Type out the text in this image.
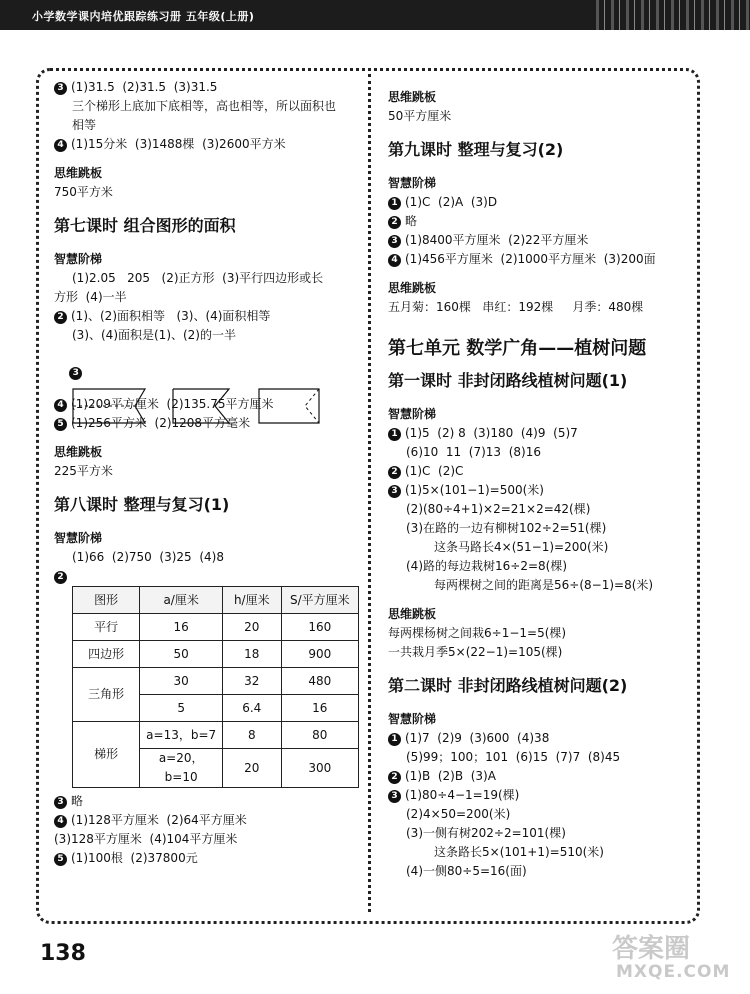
小学数学课内培优跟踪练习册 五年级(上册)
3 (1)31.5  (2)31.5  (3)31.5
三个梯形上底加下底相等，高也相等，所以面积也
相等
4 (1)15分米  (3)1488棵  (3)2600平方米
思维跳板
750平方米
第七课时 组合图形的面积
智慧阶梯
(1)2.05   205   (2)正方形  (3)平行四边形或长
方形  (4)一半
2 (1)、(2)面积相等   (3)、(4)面积相等
(3)、(4)面积是(1)、(2)的一半

3

4 (1)209平方厘米  (2)135.75平方厘米
5 (1)256平方米  (2)1208平方毫米
思维跳板
225平方米
第八课时 整理与复习(1)
智慧阶梯
(1)66  (2)750  (3)25  (4)8
2
图形	a/厘米	h/厘米	S/平方厘米
平行	16	20	160
四边形	50	18	900
三角形	30	32	480
	5	6.4	16
梯形	a=13，b=7	8	80
	a=20，b=10	20	300
3 略
4 (1)128平方厘米  (2)64平方厘米
(3)128平方厘米  (4)104平方厘米
5 (1)100根  (2)37800元
思维跳板
50平方厘米
第九课时 整理与复习(2)
智慧阶梯
1 (1)C  (2)A  (3)D
2 略
3 (1)8400平方厘米  (2)22平方厘米
4 (1)456平方厘米  (2)1000平方厘米  (3)200面
思维跳板
五月菊：160棵   串红：192棵     月季：480棵
第七单元 数学广角——植树问题
第一课时 非封闭路线植树问题(1)
智慧阶梯
1 (1)5  (2) 8  (3)180  (4)9  (5)7
(6)10  11  (7)13  (8)16
2 (1)C  (2)C
3 (1)5×(101−1)=500(米)
(2)(80÷4+1)×2=21×2=42(棵)
(3)在路的一边有柳树102÷2=51(棵)
这条马路长4×(51−1)=200(米)
(4)路的每边栽树16÷2=8(棵)
每两棵树之间的距离是56÷(8−1)=8(米)
思维跳板
每两棵杨树之间栽6÷1−1=5(棵)
一共栽月季5×(22−1)=105(棵)
第二课时 非封闭路线植树问题(2)
智慧阶梯
1 (1)7  (2)9  (3)600  (4)38
(5)99；100；101  (6)15  (7)7  (8)45
2 (1)B  (2)B  (3)A
3 (1)80÷4−1=19(棵)
(2)4×50=200(米)
(3)一侧有树202÷2=101(棵)
这条路长5×(101+1)=510(米)
(4)一侧80÷5=16(面)
138	答案圈
MXQE.COM
